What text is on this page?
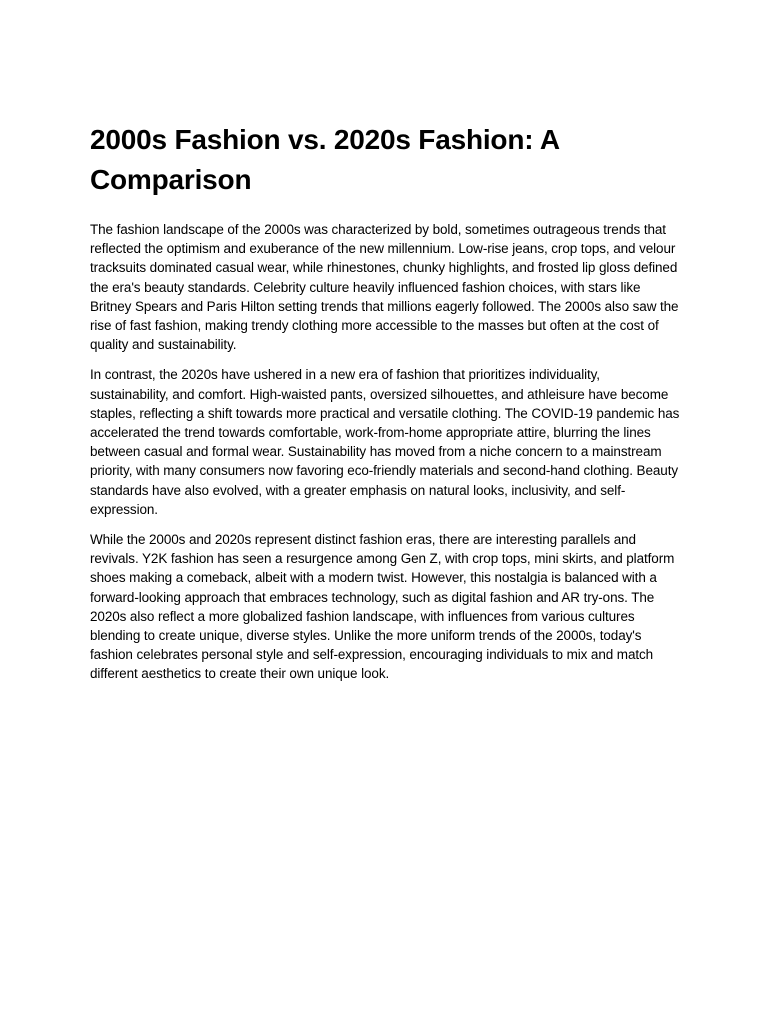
2000s Fashion vs. 2020s Fashion: A Comparison

The fashion landscape of the 2000s was characterized by bold, sometimes outrageous trends that reflected the optimism and exuberance of the new millennium. Low-rise jeans, crop tops, and velour tracksuits dominated casual wear, while rhinestones, chunky highlights, and frosted lip gloss defined the era's beauty standards. Celebrity culture heavily influenced fashion choices, with stars like Britney Spears and Paris Hilton setting trends that millions eagerly followed. The 2000s also saw the rise of fast fashion, making trendy clothing more accessible to the masses but often at the cost of quality and sustainability.

In contrast, the 2020s have ushered in a new era of fashion that prioritizes individuality, sustainability, and comfort. High-waisted pants, oversized silhouettes, and athleisure have become staples, reflecting a shift towards more practical and versatile clothing. The COVID-19 pandemic has accelerated the trend towards comfortable, work-from-home appropriate attire, blurring the lines between casual and formal wear. Sustainability has moved from a niche concern to a mainstream priority, with many consumers now favoring eco-friendly materials and second-hand clothing. Beauty standards have also evolved, with a greater emphasis on natural looks, inclusivity, and self-expression.

While the 2000s and 2020s represent distinct fashion eras, there are interesting parallels and revivals. Y2K fashion has seen a resurgence among Gen Z, with crop tops, mini skirts, and platform shoes making a comeback, albeit with a modern twist. However, this nostalgia is balanced with a forward-looking approach that embraces technology, such as digital fashion and AR try-ons. The 2020s also reflect a more globalized fashion landscape, with influences from various cultures blending to create unique, diverse styles. Unlike the more uniform trends of the 2000s, today's fashion celebrates personal style and self-expression, encouraging individuals to mix and match different aesthetics to create their own unique look.
